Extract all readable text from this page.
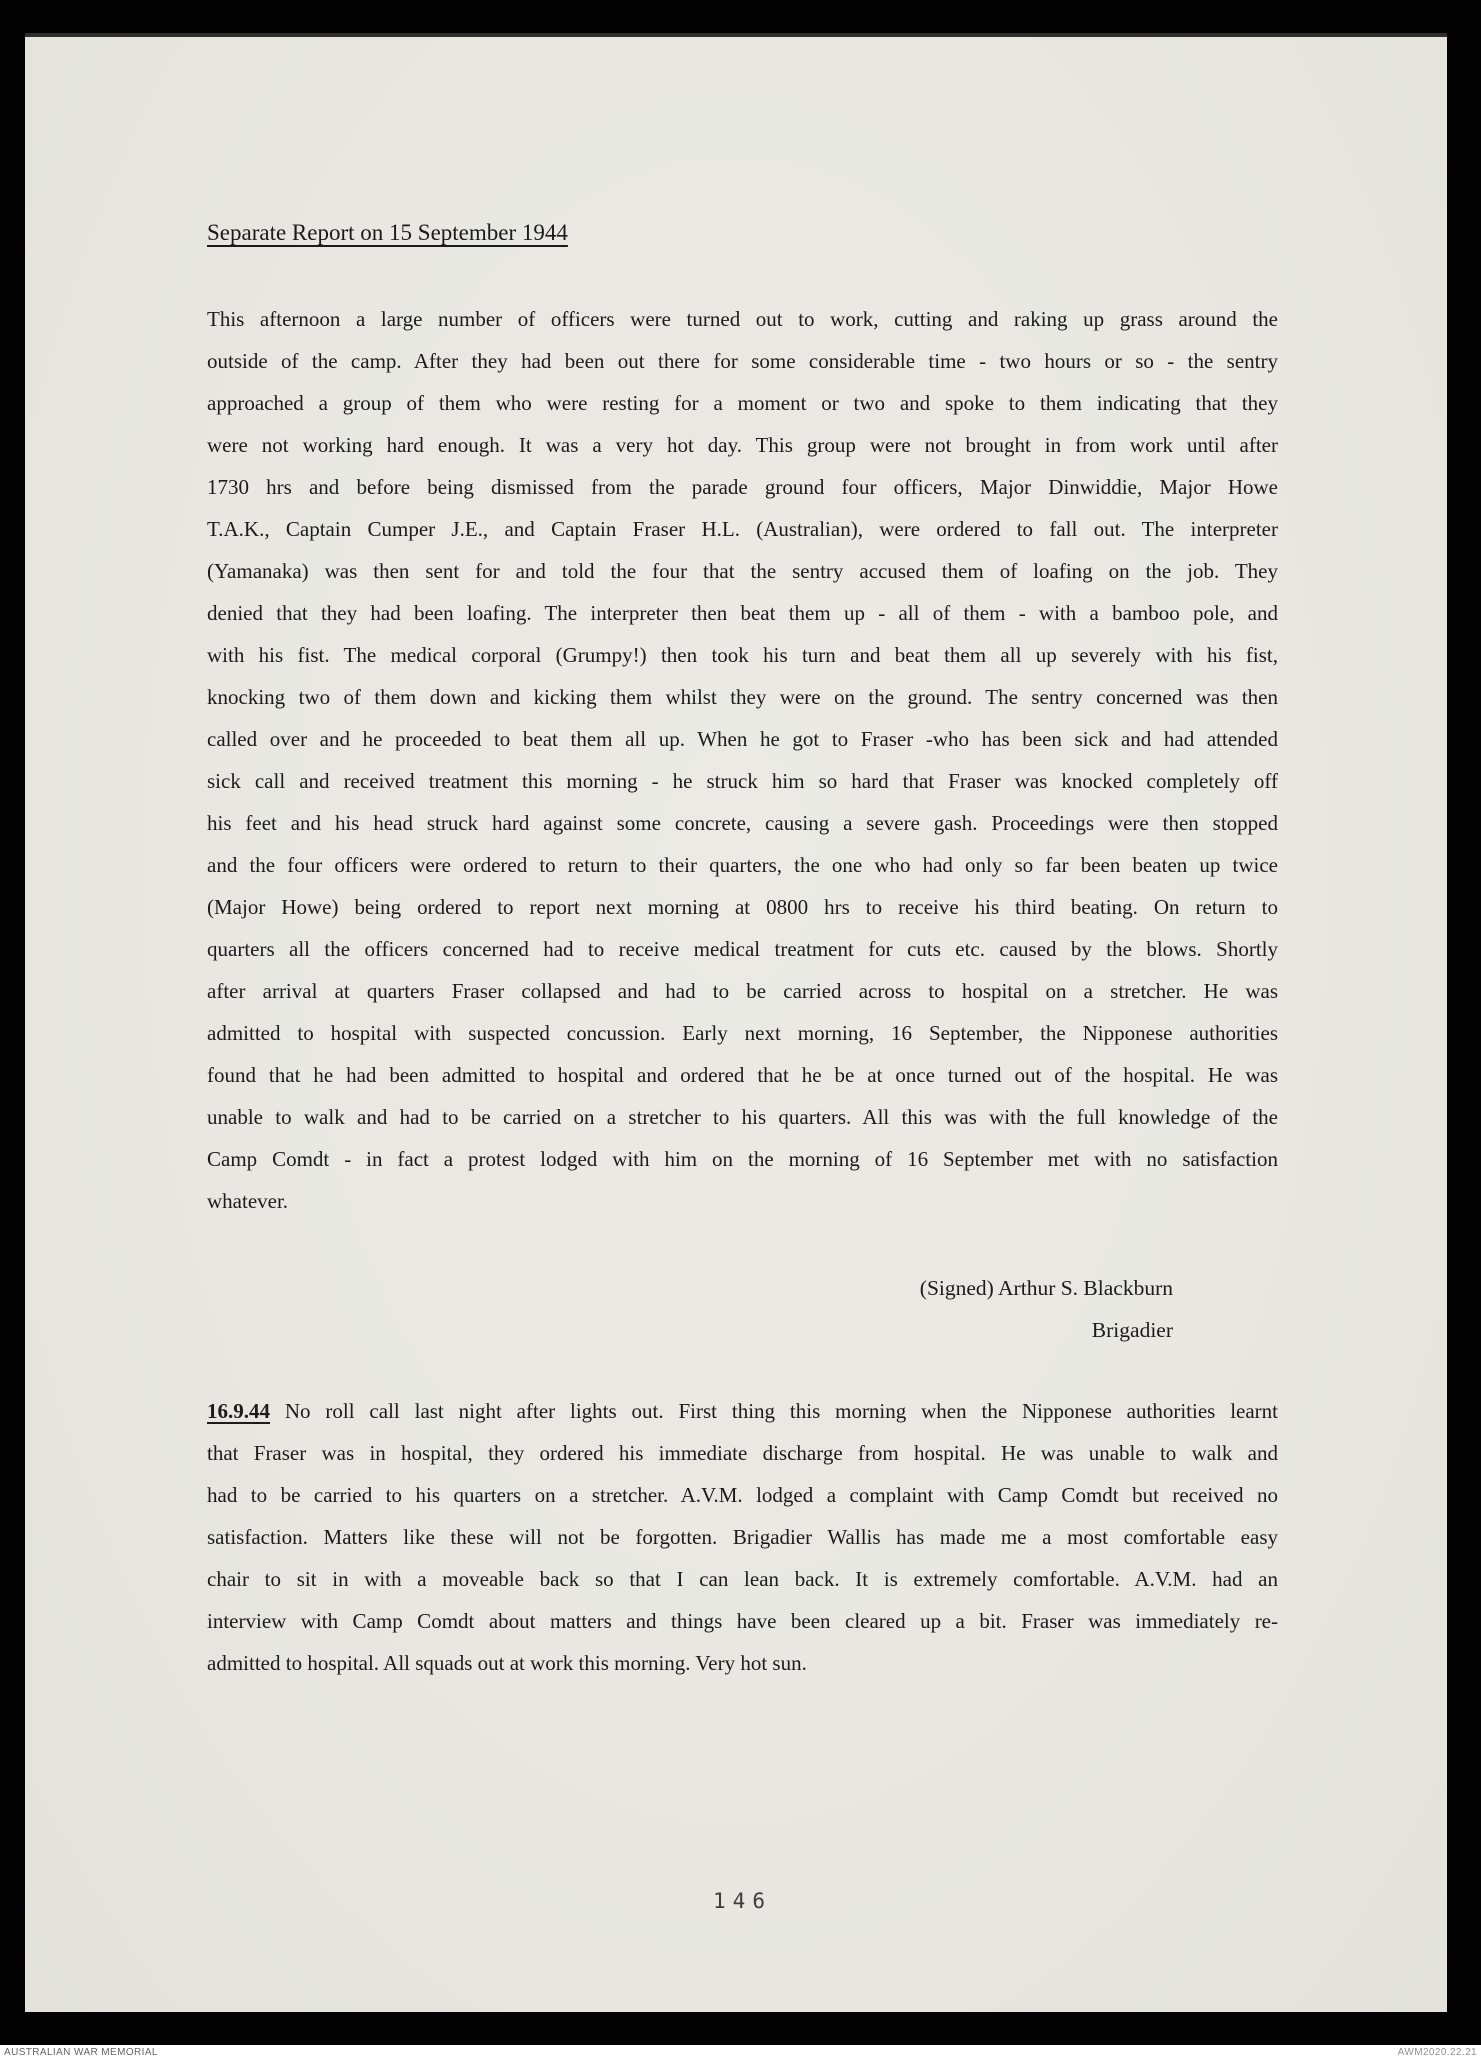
Separate Report on 15 September 1944
This afternoon a large number of officers were turned out to work, cutting and raking up grass around the
outside of the camp. After they had been out there for some considerable time - two hours or so - the sentry
approached a group of them who were resting for a moment or two and spoke to them indicating that they
were not working hard enough. It was a very hot day. This group were not brought in from work until after
1730 hrs and before being dismissed from the parade ground four officers, Major Dinwiddie, Major Howe
T.A.K., Captain Cumper J.E., and Captain Fraser H.L. (Australian), were ordered to fall out. The interpreter
(Yamanaka) was then sent for and told the four that the sentry accused them of loafing on the job. They
denied that they had been loafing. The interpreter then beat them up - all of them - with a bamboo pole, and
with his fist. The medical corporal (Grumpy!) then took his turn and beat them all up severely with his fist,
knocking two of them down and kicking them whilst they were on the ground. The sentry concerned was then
called over and he proceeded to beat them all up. When he got to Fraser -who has been sick and had attended
sick call and received treatment this morning - he struck him so hard that Fraser was knocked completely off
his feet and his head struck hard against some concrete, causing a severe gash. Proceedings were then stopped
and the four officers were ordered to return to their quarters, the one who had only so far been beaten up twice
(Major Howe) being ordered to report next morning at 0800 hrs to receive his third beating. On return to
quarters all the officers concerned had to receive medical treatment for cuts etc. caused by the blows. Shortly
after arrival at quarters Fraser collapsed and had to be carried across to hospital on a stretcher. He was
admitted to hospital with suspected concussion. Early next morning, 16 September, the Nipponese authorities
found that he had been admitted to hospital and ordered that he be at once turned out of the hospital. He was
unable to walk and had to be carried on a stretcher to his quarters. All this was with the full knowledge of the
Camp Comdt - in fact a protest lodged with him on the morning of 16 September met with no satisfaction
whatever.
(Signed) Arthur S. Blackburn
Brigadier
16.9.44 No roll call last night after lights out. First thing this morning when the Nipponese authorities learnt
that Fraser was in hospital, they ordered his immediate discharge from hospital. He was unable to walk and
had to be carried to his quarters on a stretcher. A.V.M. lodged a complaint with Camp Comdt but received no
satisfaction. Matters like these will not be forgotten. Brigadier Wallis has made me a most comfortable easy
chair to sit in with a moveable back so that I can lean back. It is extremely comfortable. A.V.M. had an
interview with Camp Comdt about matters and things have been cleared up a bit. Fraser was immediately re-
admitted to hospital. All squads out at work this morning. Very hot sun.
146
AUSTRALIAN WAR MEMORIAL	AWM2020.22.21
